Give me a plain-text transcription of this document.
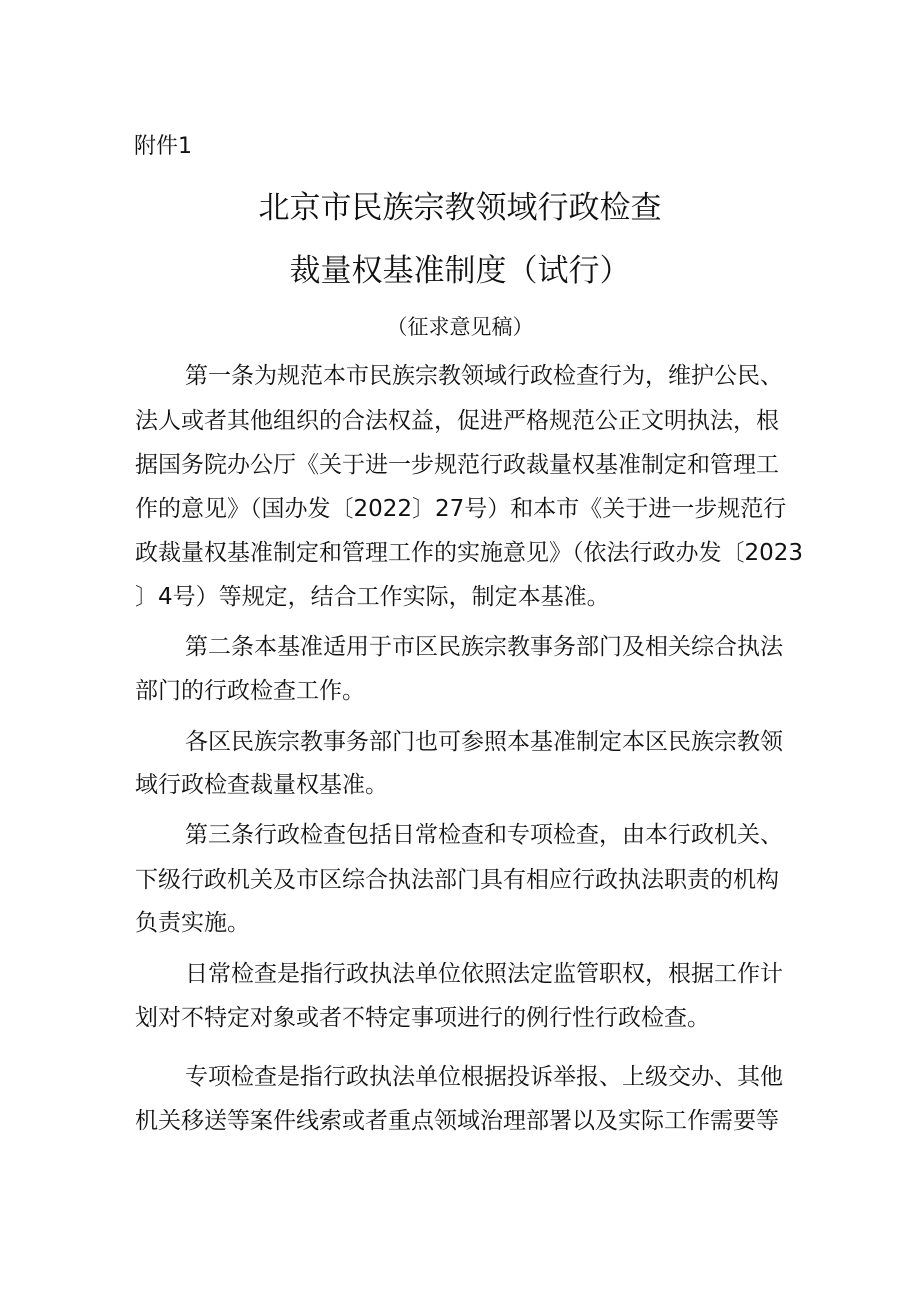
附件1
北京市民族宗教领域行政检查
裁量权基准制度（试行）
（征求意见稿）
第一条为规范本市民族宗教领域行政检查行为，维护公民、
法人或者其他组织的合法权益，促进严格规范公正文明执法，根
据国务院办公厅《关于进一步规范行政裁量权基准制定和管理工
作的意见》（国办发〔2022〕27号）和本市《关于进一步规范行
政裁量权基准制定和管理工作的实施意见》（依法行政办发〔2023
〕4号）等规定，结合工作实际，制定本基准。
第二条本基准适用于市区民族宗教事务部门及相关综合执法
部门的行政检查工作。
各区民族宗教事务部门也可参照本基准制定本区民族宗教领
域行政检查裁量权基准。
第三条行政检查包括日常检查和专项检查，由本行政机关、
下级行政机关及市区综合执法部门具有相应行政执法职责的机构
负责实施。
日常检查是指行政执法单位依照法定监管职权，根据工作计
划对不特定对象或者不特定事项进行的例行性行政检查。
专项检查是指行政执法单位根据投诉举报、上级交办、其他
机关移送等案件线索或者重点领域治理部署以及实际工作需要等
